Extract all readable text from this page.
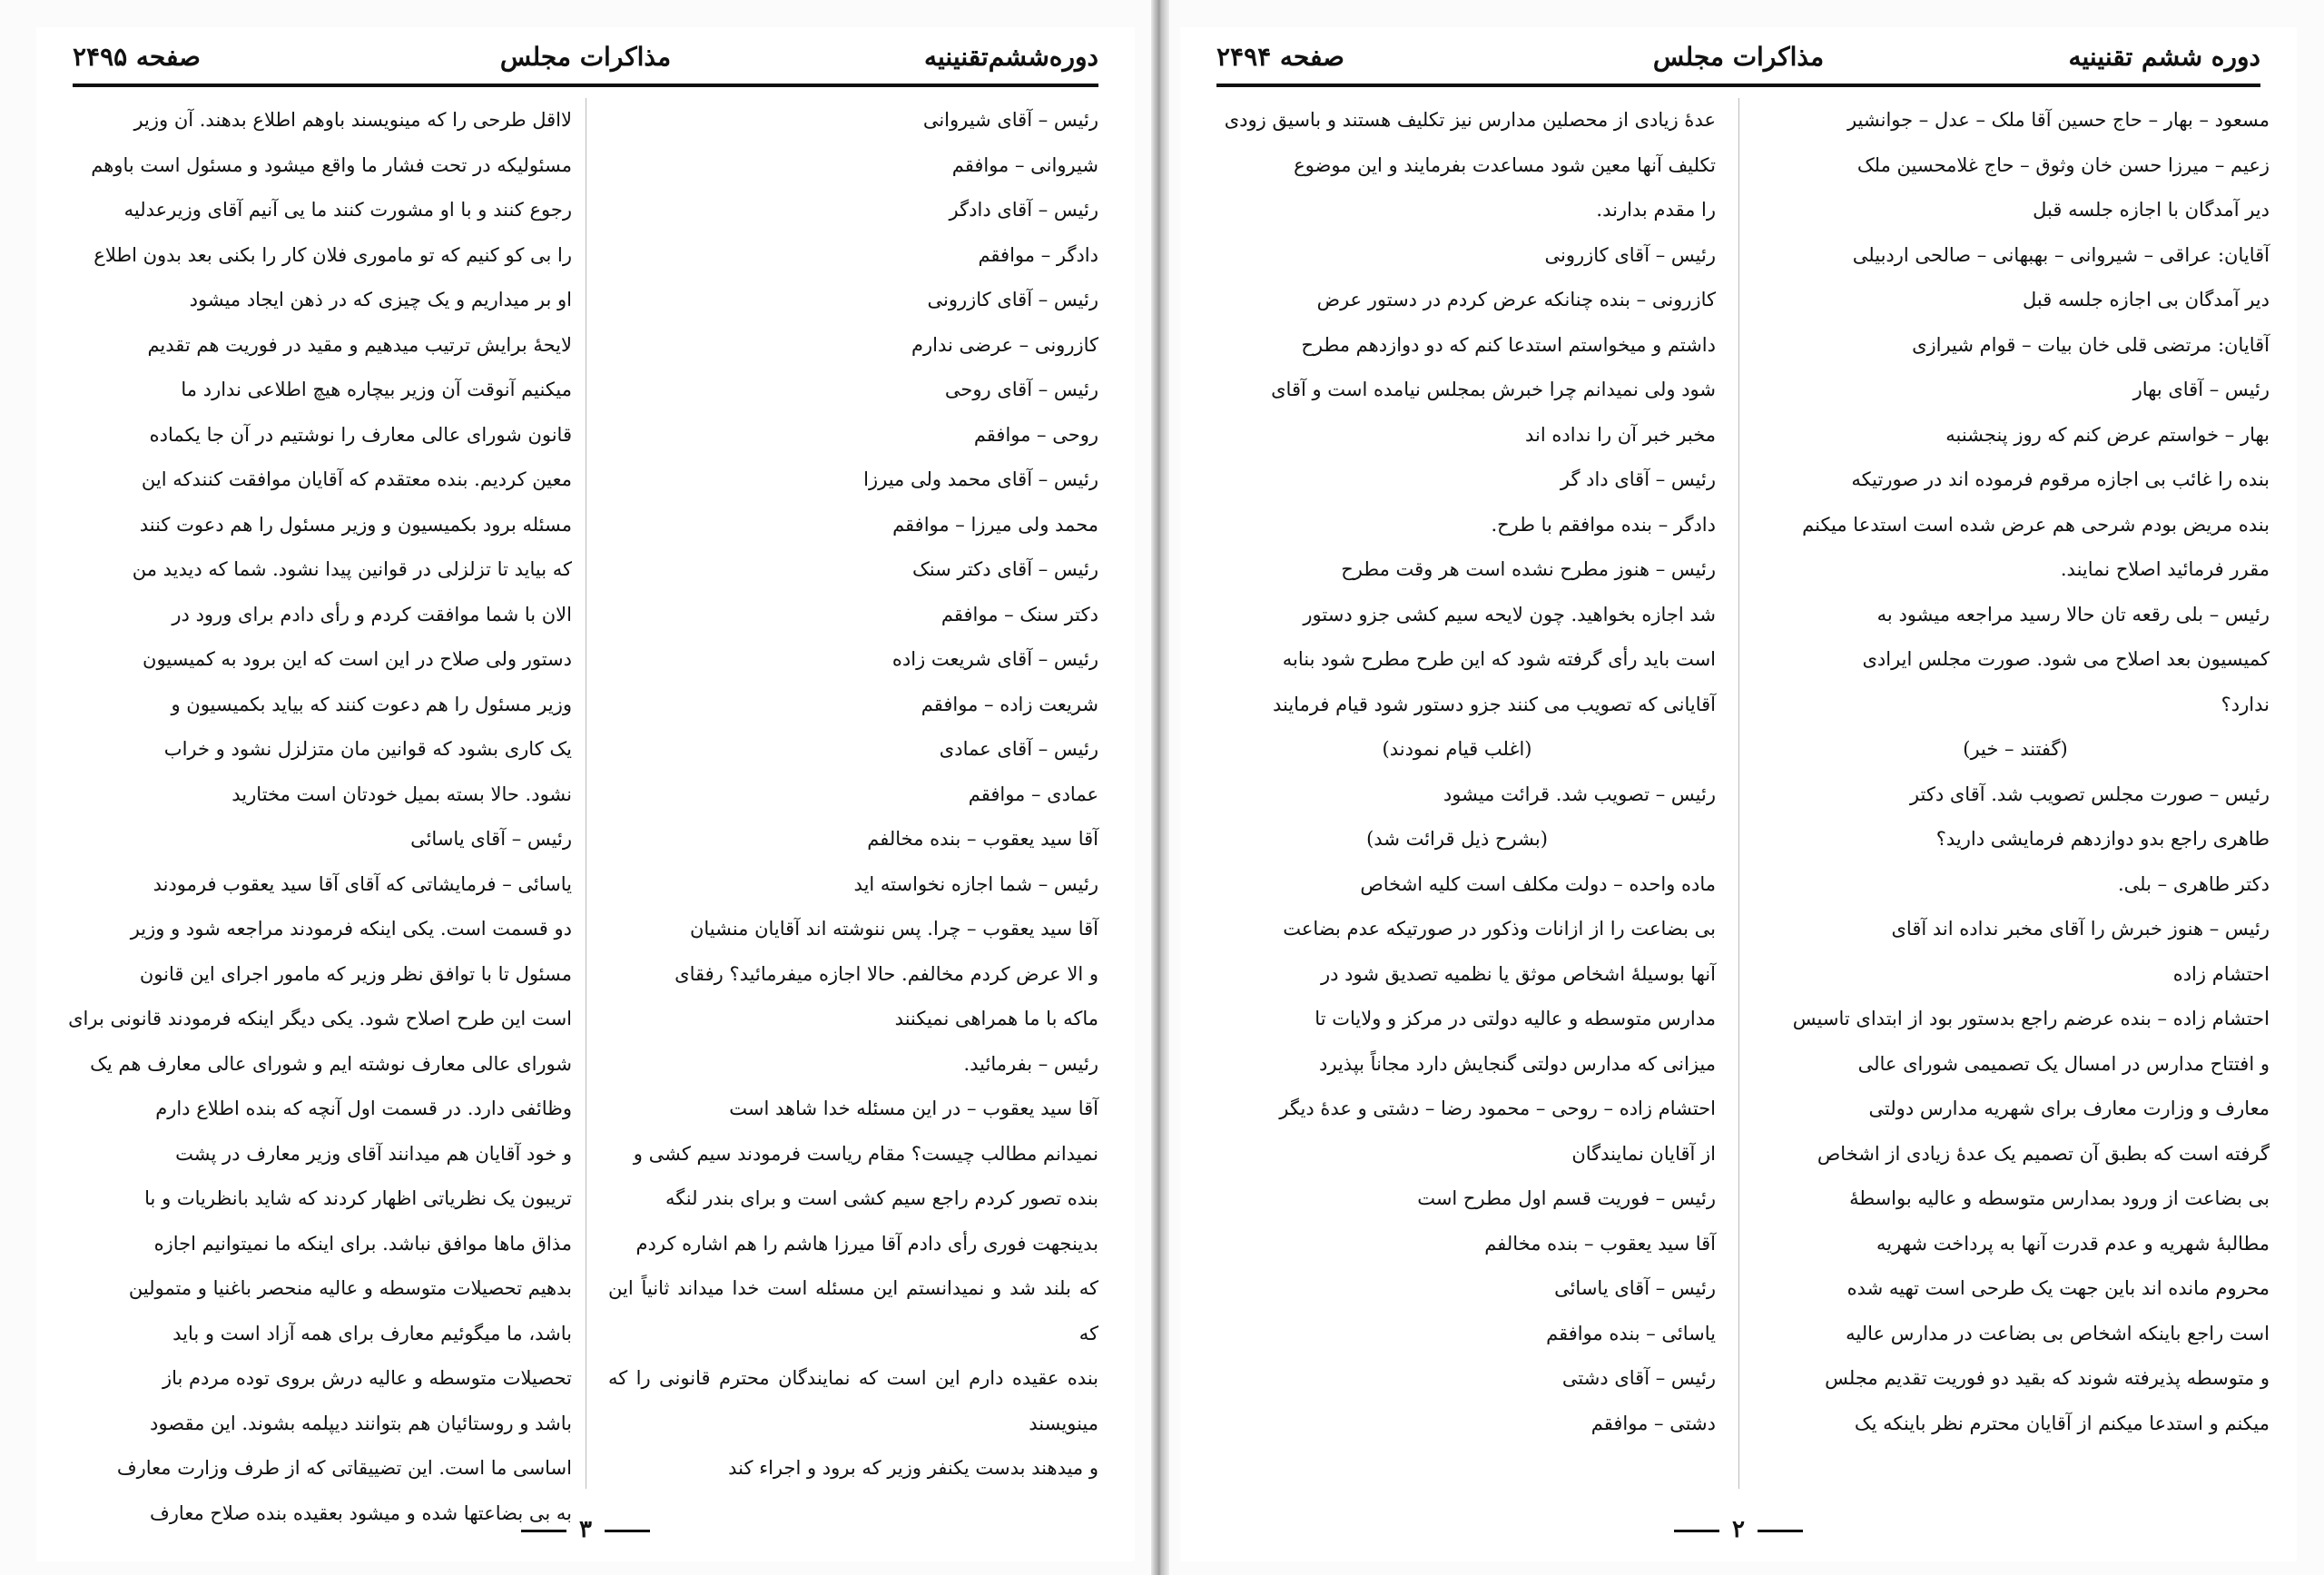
دوره‌ششم‌تقنینیه
مذاکرات مجلس
صفحه ۲۴۹۵

رئیس – آقای شیروانی

شیروانی – موافقم

رئیس – آقای دادگر

دادگر – موافقم

رئیس – آقای کازرونی

کازرونی – عرضی ندارم

رئیس – آقای روحی

روحی – موافقم

رئیس – آقای محمد ولی میرزا

محمد ولی میرزا – موافقم

رئیس – آقای دکتر سنک

دکتر سنک – موافقم

رئیس – آقای شریعت زاده

شریعت زاده – موافقم

رئیس – آقای عمادی

عمادی – موافقم

آقا سید یعقوب – بنده مخالفم

رئیس – شما اجازه نخواسته اید

آقا سید یعقوب – چرا. پس ننوشته اند آقایان منشیان

و الا عرض کردم مخالفم. حالا اجازه میفرمائید؟ رفقای

ماکه با ما همراهی نمیکنند

رئیس – بفرمائید.

آقا سید یعقوب – در این مسئله خدا شاهد است

نمیدانم مطالب چیست؟ مقام ریاست فرمودند سیم کشی و

بنده تصور کردم راجع سیم کشی است و برای بندر لنگه

بدینجهت فوری رأی دادم آقا میرزا هاشم را هم اشاره کردم

که بلند شد و نمیدانستم این مسئله است خدا میداند ثانیاً این که

بنده عقیده دارم این است که نمایندگان محترم قانونی را که مینویسند

و میدهند بدست یکنفر وزیر که برود و اجراء کند

لااقل طرحی را که مینویسند باوهم اطلاع بدهند. آن وزیر

مسئولیکه در تحت فشار ما واقع میشود و مسئول است باوهم

رجوع کنند و با او مشورت کنند ما یی آنیم آقای وزیرعدلیه

را بی کو کنیم که تو ماموری فلان کار را بکنی بعد بدون اطلاع

او بر میداریم و یک چیزی که در ذهن ایجاد میشود

لایحهٔ برایش ترتیب میدهیم و مقید در فوریت هم تقدیم

میکنیم آنوقت آن وزیر بیچاره هیچ اطلاعی ندارد ما

قانون شورای عالی معارف را نوشتیم در آن جا یکماده

معین کردیم. بنده معتقدم که آقایان موافقت کنندکه این

مسئله برود بکمیسیون و وزیر مسئول را هم دعوت کنند

که بیاید تا تزلزلی در قوانین پیدا نشود. شما که دیدید من

الان با شما موافقت کردم و رأی دادم برای ورود در

دستور ولی صلاح در این است که این برود به کمیسیون

وزیر مسئول را هم دعوت کنند که بیاید بکمیسیون و

یک کاری بشود که قوانین مان متزلزل نشود و خراب

نشود. حالا بسته بمیل خودتان است مختارید

رئیس – آقای یاسائی

یاسائی – فرمایشاتی که آقای آقا سید یعقوب فرمودند

دو قسمت است. یکی اینکه فرمودند مراجعه شود و وزیر

مسئول تا با توافق نظر وزیر که مامور اجرای این قانون

است این طرح اصلاح شود. یکی دیگر اینکه فرمودند قانونی برای

شورای عالی معارف نوشته ایم و شورای عالی معارف هم یک

وظائفی دارد. در قسمت اول آنچه که بنده اطلاع دارم

و خود آقایان هم میدانند آقای وزیر معارف در پشت

تریبون یک نظریاتی اظهار کردند که شاید بانظریات و با

مذاق ماها موافق نباشد. برای اینکه ما نمیتوانیم اجازه

بدهیم تحصیلات متوسطه و عالیه منحصر باغنیا و متمولین

باشد، ما میگوئیم معارف برای همه آزاد است و باید

تحصیلات متوسطه و عالیه درش بروی توده مردم باز

باشد و روستائیان هم بتوانند دیپلمه بشوند. این مقصود

اساسی ما است. این تضییقاتی که از طرف وزارت معارف

به بی بضاعتها شده و میشود بعقیده بنده صلاح معارف

۳
دوره ششم تقنینیه
مذاکرات مجلس
صفحه ۲۴۹۴

مسعود – بهار – حاج حسین آقا ملک – عدل – جوانشیر

زعیم – میرزا حسن خان وثوق – حاج غلامحسین ملک

دیر آمدگان با اجازه جلسه قبل

آقایان: عراقی – شیروانی – بهبهانی – صالحی اردبیلی

دیر آمدگان بی اجازه جلسه قبل

آقایان: مرتضی قلی خان بیات – قوام شیرازی

رئیس – آقای بهار

بهار – خواستم عرض کنم که روز پنجشنبه

بنده را غائب بی اجازه مرقوم فرموده اند در صورتیکه

بنده مریض بودم شرحی هم عرض شده است استدعا میکنم

مقرر فرمائید اصلاح نمایند.

رئیس – بلی رقعه تان حالا رسید مراجعه میشود به

کمیسیون بعد اصلاح می شود. صورت مجلس ایرادی

ندارد؟

(گفتند – خیر)

رئیس – صورت مجلس تصویب شد. آقای دکتر

طاهری راجع بدو دوازدهم فرمایشی دارید؟

دکتر طاهری – بلی.

رئیس – هنوز خبرش را آقای مخبر نداده اند آقای

احتشام زاده

احتشام زاده – بنده عرضم راجع بدستور بود از ابتدای تاسیس

و افتتاح مدارس در امسال یک تصمیمی شورای عالی

معارف و وزارت معارف برای شهریه مدارس دولتی

گرفته است که بطبق آن تصمیم یک عدهٔ زیادی از اشخاص

بی بضاعت از ورود بمدارس متوسطه و عالیه بواسطهٔ

مطالبهٔ شهریه و عدم قدرت آنها به پرداخت شهریه

محروم مانده اند باین جهت یک طرحی است تهیه شده

است راجع باینکه اشخاص بی بضاعت در مدارس عالیه

و متوسطه پذیرفته شوند که بقید دو فوریت تقدیم مجلس

میکنم و استدعا میکنم از آقایان محترم نظر باینکه یک

عدهٔ زیادی از محصلین مدارس نیز تکلیف هستند و باسیق زودی

تکلیف آنها معین شود مساعدت بفرمایند و این موضوع

را مقدم بدارند.

رئیس – آقای کازرونی

کازرونی – بنده چنانکه عرض کردم در دستور عرض

داشتم و میخواستم استدعا کنم که دو دوازدهم مطرح

شود ولی نمیدانم چرا خبرش بمجلس نیامده است و آقای

مخبر خبر آن را نداده اند

رئیس – آقای داد گر

دادگر – بنده موافقم با طرح.

رئیس – هنوز مطرح نشده است هر وقت مطرح

شد اجازه بخواهید. چون لایحه سیم کشی جزو دستور

است باید رأی گرفته شود که این طرح مطرح شود بنابه

آقایانی که تصویب می کنند جزو دستور شود قیام فرمایند

(اغلب قیام نمودند)

رئیس – تصویب شد. قرائت میشود

(بشرح ذیل قرائت شد)

ماده واحده – دولت مکلف است کلیه اشخاص

بی بضاعت را از ازانات وذکور در صورتیکه عدم بضاعت

آنها بوسیلهٔ اشخاص موثق یا نظمیه تصدیق شود در

مدارس متوسطه و عالیه دولتی در مرکز و ولایات تا

میزانی که مدارس دولتی گنجایش دارد مجاناً بپذیرد

احتشام زاده – روحی – محمود رضا – دشتی و عدهٔ دیگر

از آقایان نمایندگان

رئیس – فوریت قسم اول مطرح است

آقا سید یعقوب – بنده مخالفم

رئیس – آقای یاسائی

یاسائی – بنده موافقم

رئیس – آقای دشتی

دشتی – موافقم

۲
